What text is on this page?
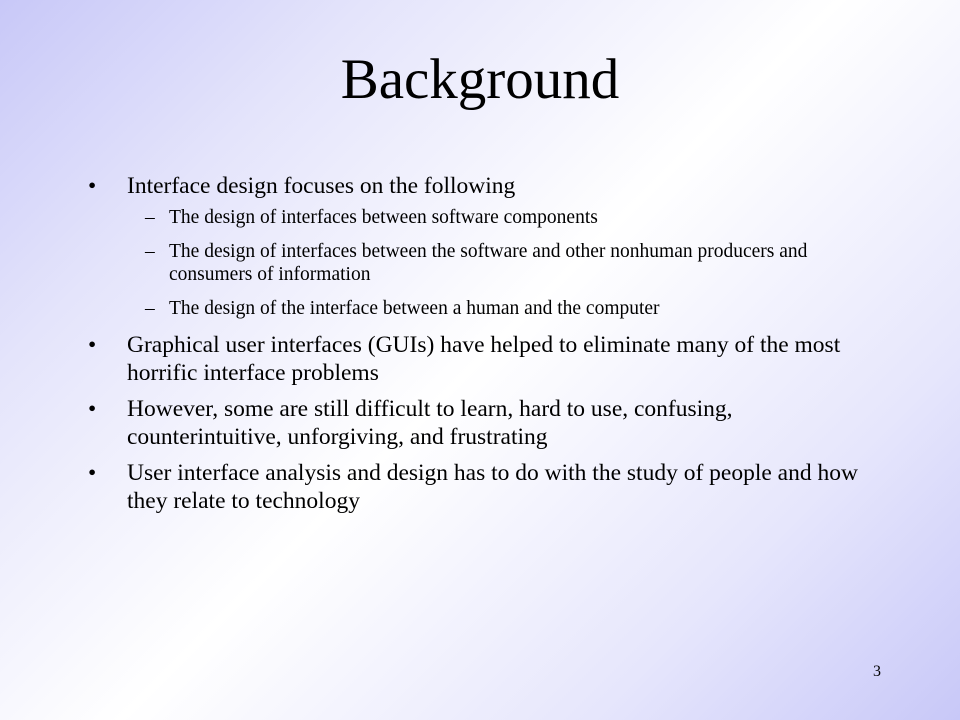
Background
• Interface design focuses on the following
– The design of interfaces between software components
– The design of interfaces between the software and other nonhuman producers and consumers of information
– The design of the interface between a human and the computer
• Graphical user interfaces (GUIs) have helped to eliminate many of the most horrific interface problems
• However, some are still difficult to learn, hard to use, confusing, counterintuitive, unforgiving, and frustrating
• User interface analysis and design has to do with the study of people and how they relate to technology
3
